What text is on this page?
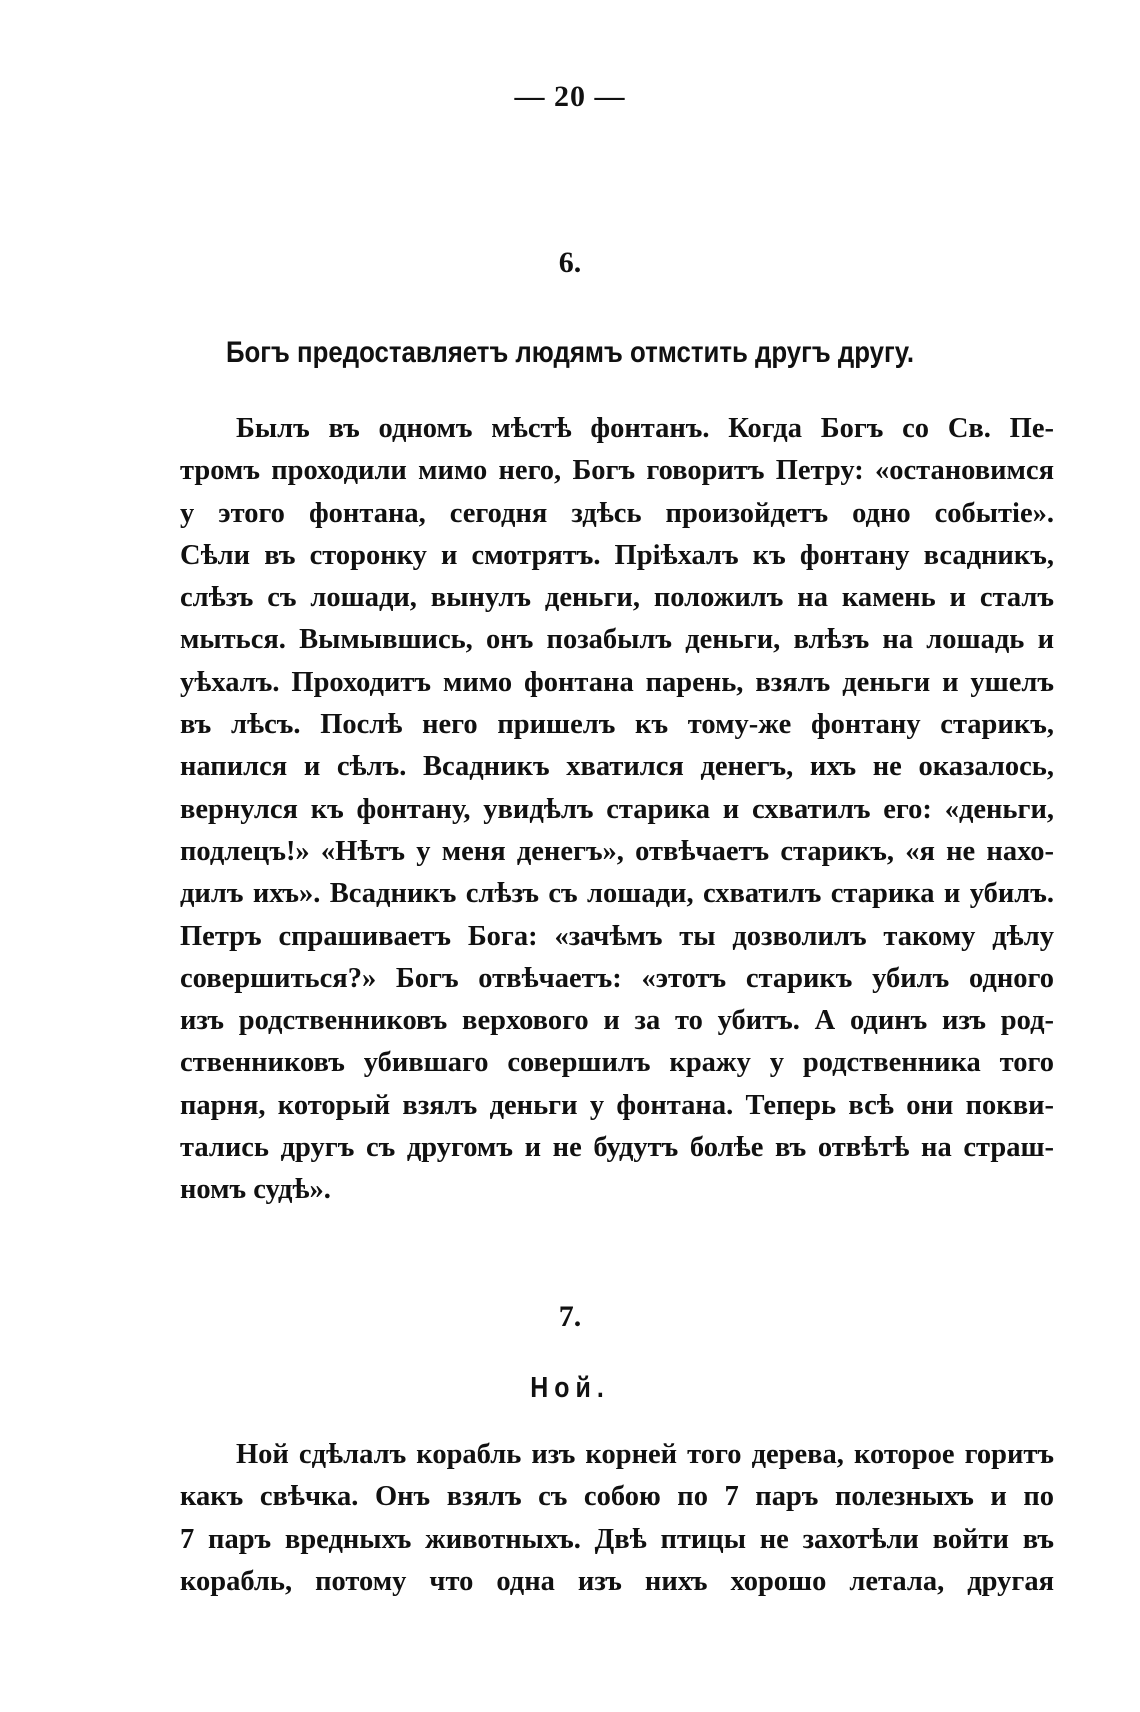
— 20 —
6.
Богъ предоставляетъ людямъ отмстить другъ другу.
Былъ въ одномъ мѣстѣ фонтанъ. Когда Богъ со Св. Пе-
тромъ проходили мимо него, Богъ говоритъ Петру: «остановимся
у этого фонтана, сегодня здѣсь произойдетъ одно событіе».
Сѣли въ сторонку и смотрятъ. Пріѣхалъ къ фонтану всадникъ,
слѣзъ съ лошади, вынулъ деньги, положилъ на камень и сталъ
мыться. Вымывшись, онъ позабылъ деньги, влѣзъ на лошадь и
уѣхалъ. Проходитъ мимо фонтана парень, взялъ деньги и ушелъ
въ лѣсъ. Послѣ него пришелъ къ тому-же фонтану старикъ,
напился и сѣлъ. Всадникъ хватился денегъ, ихъ не оказалось,
вернулся къ фонтану, увидѣлъ старика и схватилъ его: «деньги,
подлецъ!» «Нѣтъ у меня денегъ», отвѣчаетъ старикъ, «я не нахо-
дилъ ихъ». Всадникъ слѣзъ съ лошади, схватилъ старика и убилъ.
Петръ спрашиваетъ Бога: «зачѣмъ ты дозволилъ такому дѣлу
совершиться?» Богъ отвѣчаетъ: «этотъ старикъ убилъ одного
изъ родственниковъ верхового и за то убитъ. А одинъ изъ род-
ственниковъ убившаго совершилъ кражу у родственника того
парня, который взялъ деньги у фонтана. Теперь всѣ они покви-
тались другъ съ другомъ и не будутъ болѣе въ отвѣтѣ на страш-
номъ судѣ».
7.
Ной.
Ной сдѣлалъ корабль изъ корней того дерева, которое горитъ
какъ свѣчка. Онъ взялъ съ собою по 7 паръ полезныхъ и по
7 паръ вредныхъ животныхъ. Двѣ птицы не захотѣли войти въ
корабль, потому что одна изъ нихъ хорошо летала, другая
